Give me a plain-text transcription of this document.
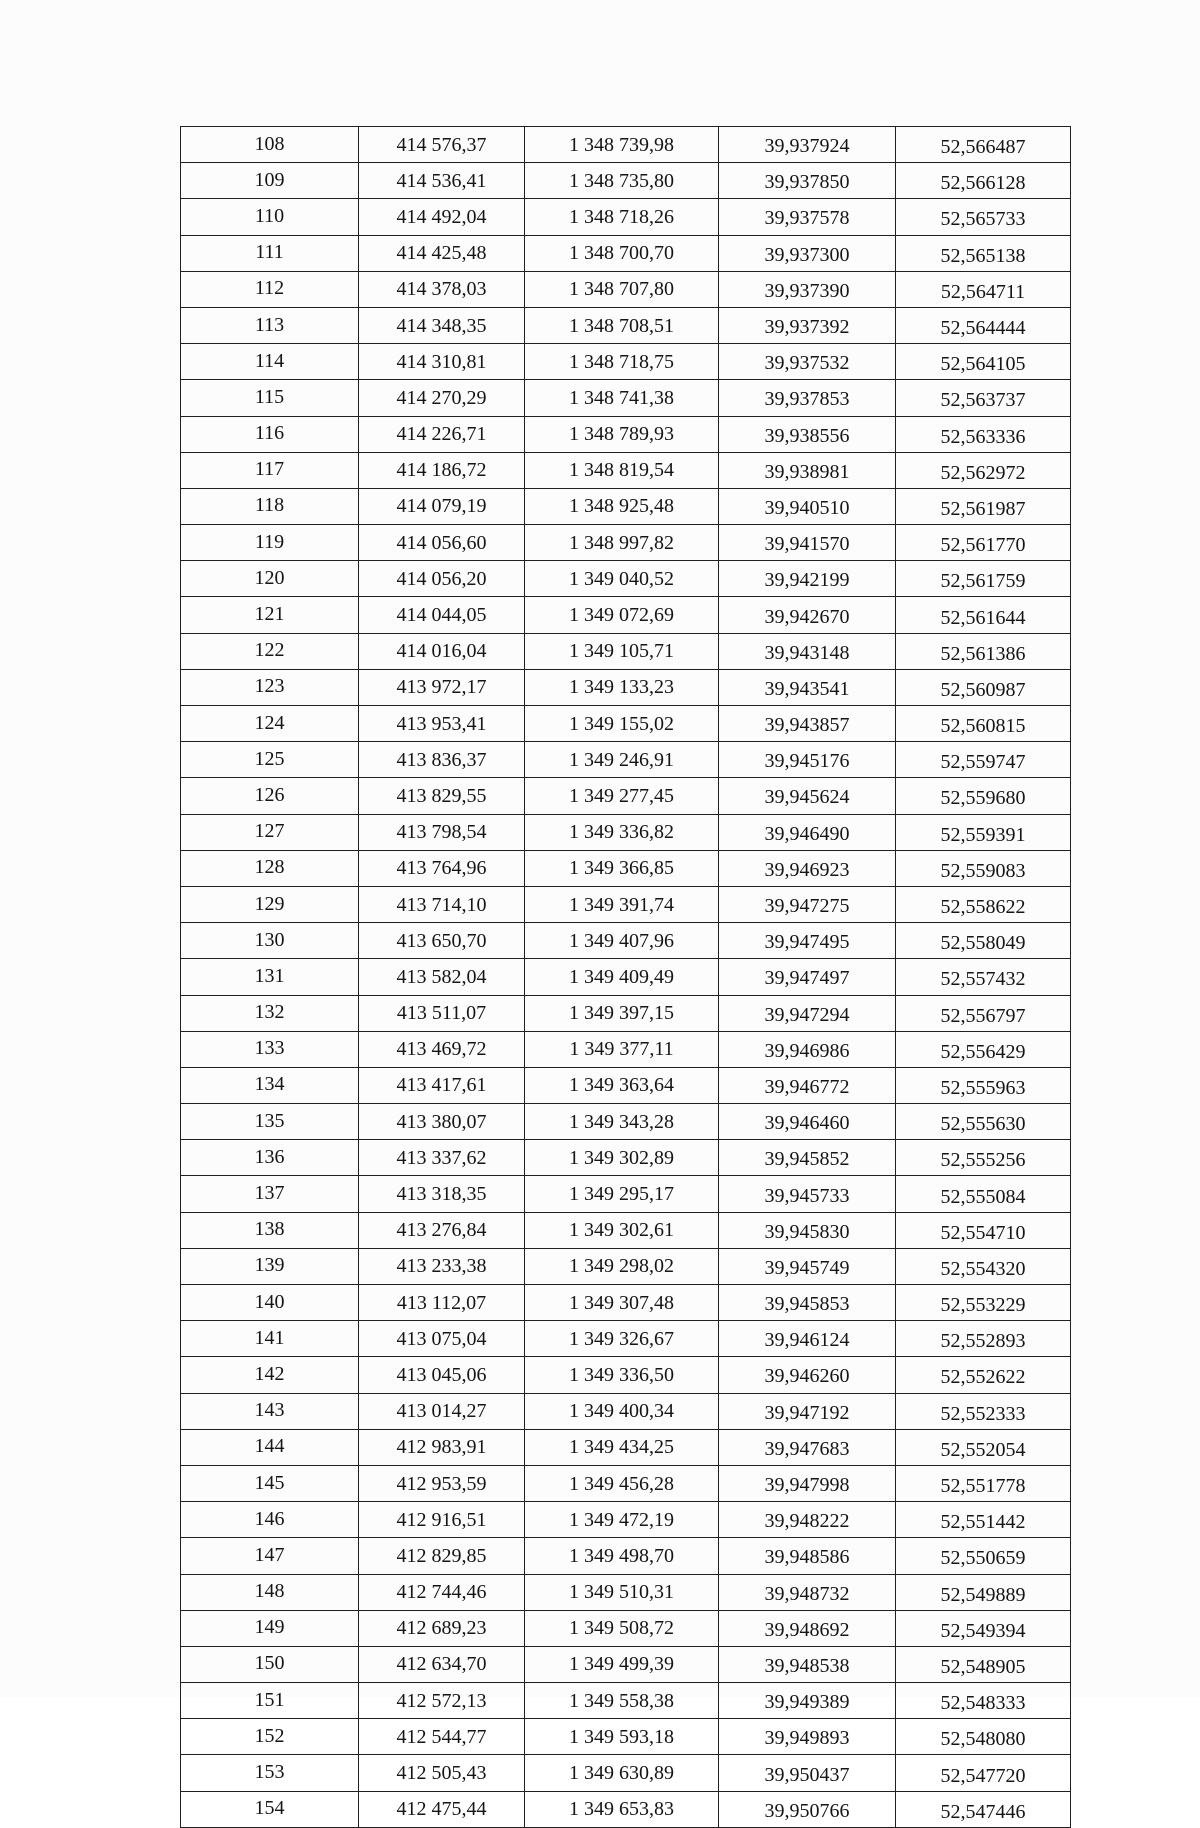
108	414 576,37	1 348 739,98	39,937924	52,566487
109	414 536,41	1 348 735,80	39,937850	52,566128
110	414 492,04	1 348 718,26	39,937578	52,565733
111	414 425,48	1 348 700,70	39,937300	52,565138
112	414 378,03	1 348 707,80	39,937390	52,564711
113	414 348,35	1 348 708,51	39,937392	52,564444
114	414 310,81	1 348 718,75	39,937532	52,564105
115	414 270,29	1 348 741,38	39,937853	52,563737
116	414 226,71	1 348 789,93	39,938556	52,563336
117	414 186,72	1 348 819,54	39,938981	52,562972
118	414 079,19	1 348 925,48	39,940510	52,561987
119	414 056,60	1 348 997,82	39,941570	52,561770
120	414 056,20	1 349 040,52	39,942199	52,561759
121	414 044,05	1 349 072,69	39,942670	52,561644
122	414 016,04	1 349 105,71	39,943148	52,561386
123	413 972,17	1 349 133,23	39,943541	52,560987
124	413 953,41	1 349 155,02	39,943857	52,560815
125	413 836,37	1 349 246,91	39,945176	52,559747
126	413 829,55	1 349 277,45	39,945624	52,559680
127	413 798,54	1 349 336,82	39,946490	52,559391
128	413 764,96	1 349 366,85	39,946923	52,559083
129	413 714,10	1 349 391,74	39,947275	52,558622
130	413 650,70	1 349 407,96	39,947495	52,558049
131	413 582,04	1 349 409,49	39,947497	52,557432
132	413 511,07	1 349 397,15	39,947294	52,556797
133	413 469,72	1 349 377,11	39,946986	52,556429
134	413 417,61	1 349 363,64	39,946772	52,555963
135	413 380,07	1 349 343,28	39,946460	52,555630
136	413 337,62	1 349 302,89	39,945852	52,555256
137	413 318,35	1 349 295,17	39,945733	52,555084
138	413 276,84	1 349 302,61	39,945830	52,554710
139	413 233,38	1 349 298,02	39,945749	52,554320
140	413 112,07	1 349 307,48	39,945853	52,553229
141	413 075,04	1 349 326,67	39,946124	52,552893
142	413 045,06	1 349 336,50	39,946260	52,552622
143	413 014,27	1 349 400,34	39,947192	52,552333
144	412 983,91	1 349 434,25	39,947683	52,552054
145	412 953,59	1 349 456,28	39,947998	52,551778
146	412 916,51	1 349 472,19	39,948222	52,551442
147	412 829,85	1 349 498,70	39,948586	52,550659
148	412 744,46	1 349 510,31	39,948732	52,549889
149	412 689,23	1 349 508,72	39,948692	52,549394
150	412 634,70	1 349 499,39	39,948538	52,548905
151	412 572,13	1 349 558,38	39,949389	52,548333
152	412 544,77	1 349 593,18	39,949893	52,548080
153	412 505,43	1 349 630,89	39,950437	52,547720
154	412 475,44	1 349 653,83	39,950766	52,547446
